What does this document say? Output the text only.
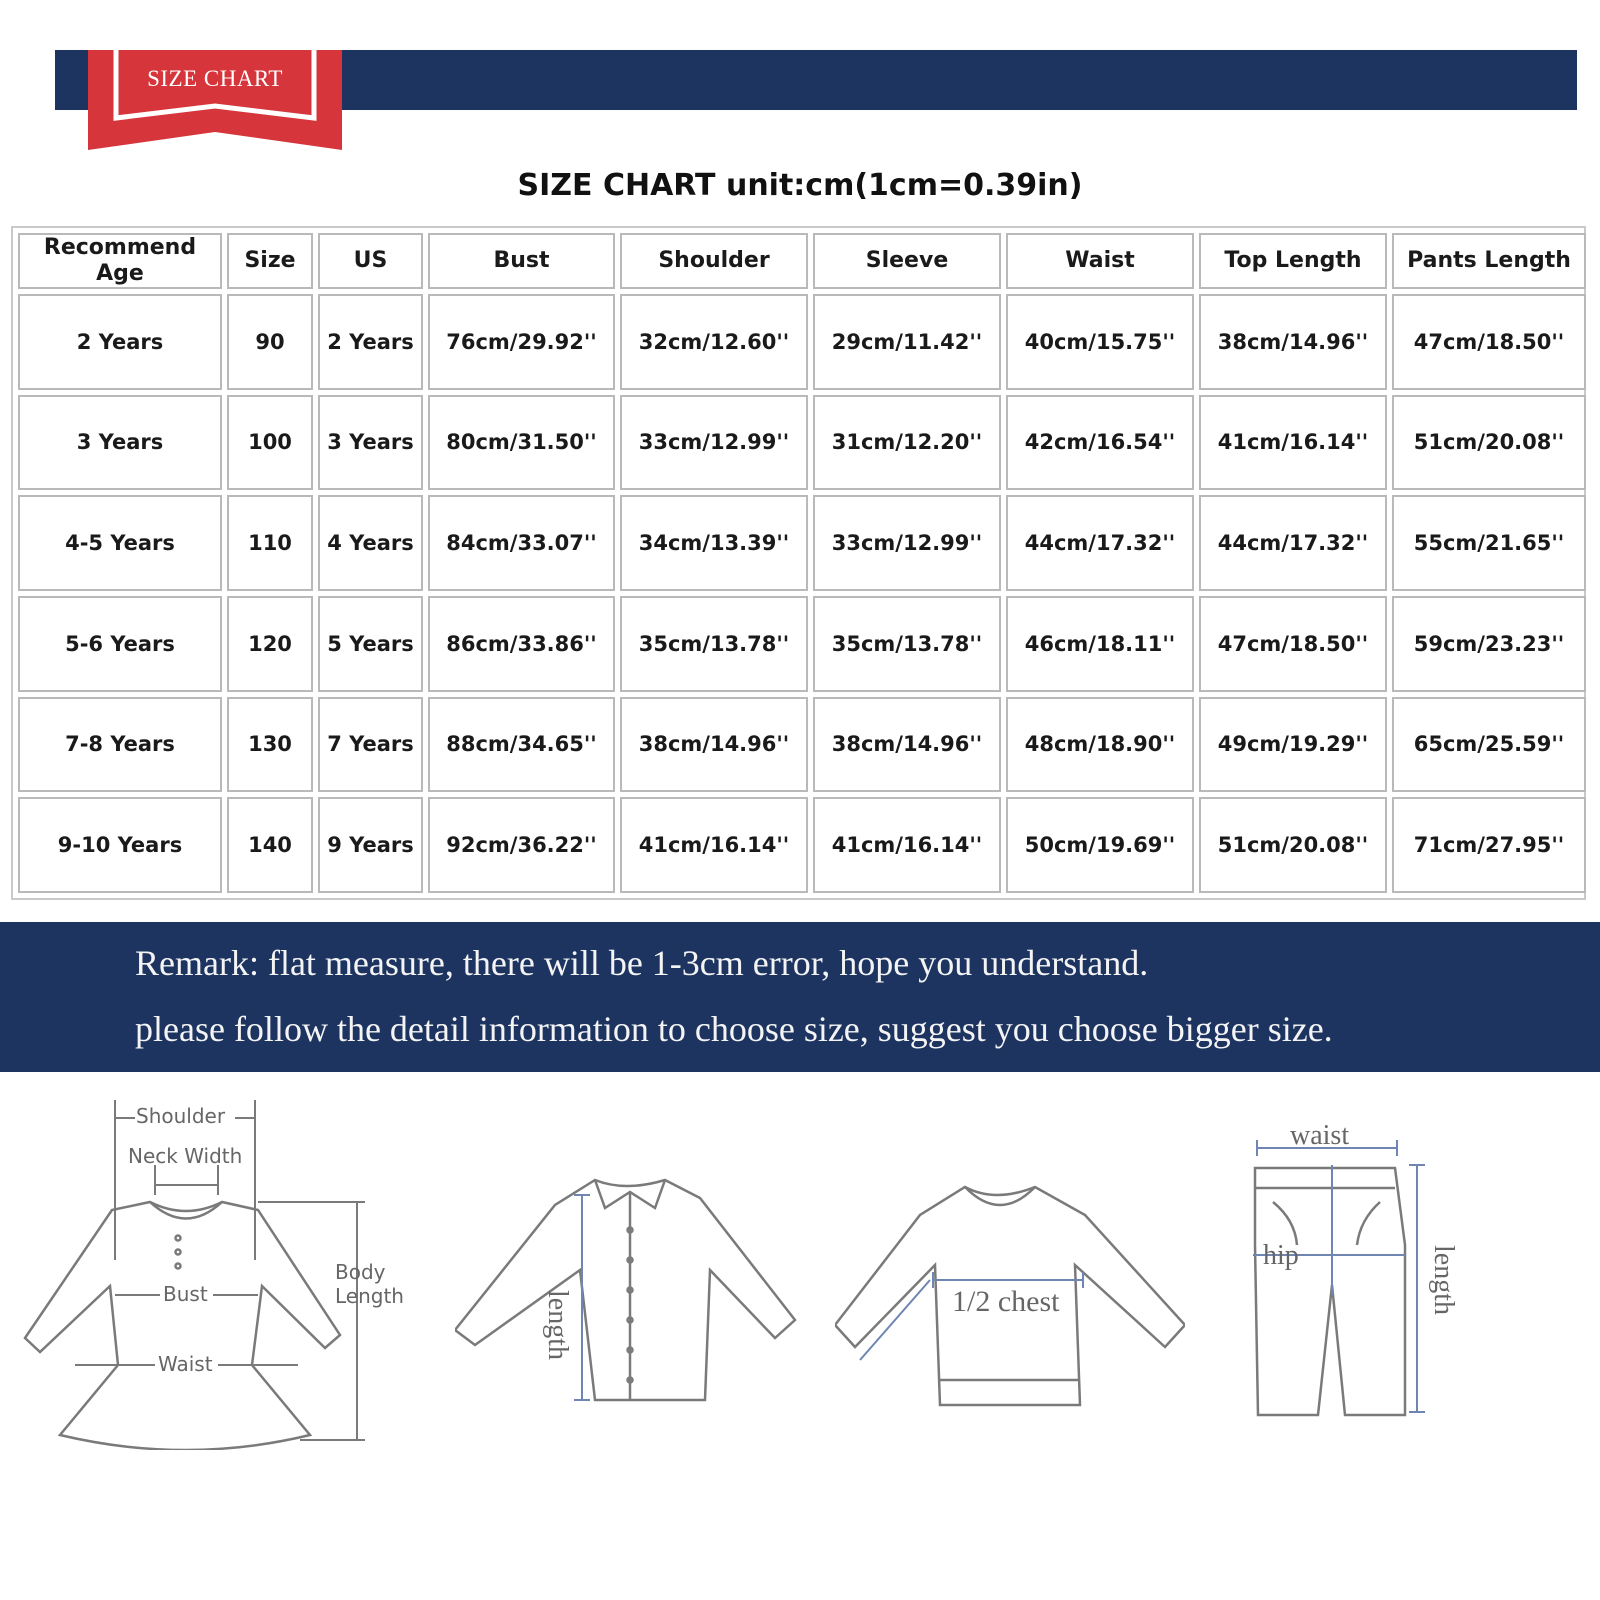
SIZE CHART
SIZE CHART unit:cm(1cm=0.39in)
Recommend Age	Size	US	Bust	Shoulder	Sleeve	Waist	Top Length	Pants Length
2 Years	90	2 Years	76cm/29.92''	32cm/12.60''	29cm/11.42''	40cm/15.75''	38cm/14.96''	47cm/18.50''
3 Years	100	3 Years	80cm/31.50''	33cm/12.99''	31cm/12.20''	42cm/16.54''	41cm/16.14''	51cm/20.08''
4-5 Years	110	4 Years	84cm/33.07''	34cm/13.39''	33cm/12.99''	44cm/17.32''	44cm/17.32''	55cm/21.65''
5-6 Years	120	5 Years	86cm/33.86''	35cm/13.78''	35cm/13.78''	46cm/18.11''	47cm/18.50''	59cm/23.23''
7-8 Years	130	7 Years	88cm/34.65''	38cm/14.96''	38cm/14.96''	48cm/18.90''	49cm/19.29''	65cm/25.59''
9-10 Years	140	9 Years	92cm/36.22''	41cm/16.14''	41cm/16.14''	50cm/19.69''	51cm/20.08''	71cm/27.95''
Remark: flat measure, there will be 1-3cm error, hope you understand.
please follow the detail information to choose size, suggest you choose bigger size.
Shoulder
Neck Width
Bust
Waist
Body
Length	length	1/2 chest
waist
hip	length
